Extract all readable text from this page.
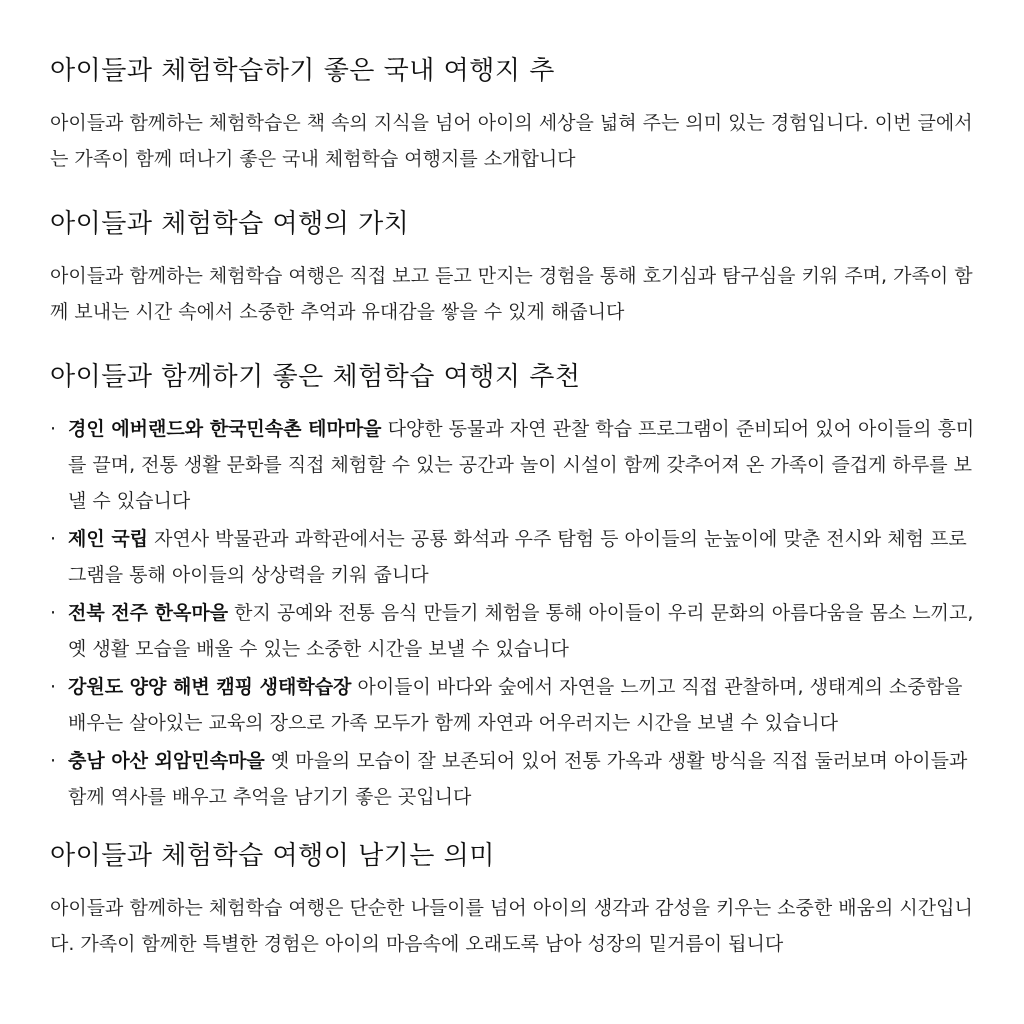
아이들과 체험학습하기 좋은 국내 여행지 추

아이들과 함께하는 체험학습은 책 속의 지식을 넘어 아이의 세상을 넓혀 주는 의미 있는 경험입니다. 이번 글에서는 가족이 함께 떠나기 좋은 국내 체험학습 여행지를 소개합니다

아이들과 체험학습 여행의 가치

아이들과 함께하는 체험학습 여행은 직접 보고 듣고 만지는 경험을 통해 호기심과 탐구심을 키워 주며, 가족이 함께 보내는 시간 속에서 소중한 추억과 유대감을 쌓을 수 있게 해줍니다

아이들과 함께하기 좋은 체험학습 여행지 추천
· 경인 에버랜드와 한국민속촌 테마마을 다양한 동물과 자연 관찰 학습 프로그램이 준비되어 있어 아이들의 흥미를 끌며, 전통 생활 문화를 직접 체험할 수 있는 공간과 놀이 시설이 함께 갖추어져 온 가족이 즐겁게 하루를 보낼 수 있습니다
· 제인 국립 자연사 박물관과 과학관에서는 공룡 화석과 우주 탐험 등 아이들의 눈높이에 맞춘 전시와 체험 프로그램을 통해 아이들의 상상력을 키워 줍니다
· 전북 전주 한옥마을 한지 공예와 전통 음식 만들기 체험을 통해 아이들이 우리 문화의 아름다움을 몸소 느끼고, 옛 생활 모습을 배울 수 있는 소중한 시간을 보낼 수 있습니다
· 강원도 양양 해변 캠핑 생태학습장 아이들이 바다와 숲에서 자연을 느끼고 직접 관찰하며, 생태계의 소중함을 배우는 살아있는 교육의 장으로 가족 모두가 함께 자연과 어우러지는 시간을 보낼 수 있습니다
· 충남 아산 외암민속마을 옛 마을의 모습이 잘 보존되어 있어 전통 가옥과 생활 방식을 직접 둘러보며 아이들과 함께 역사를 배우고 추억을 남기기 좋은 곳입니다
아이들과 체험학습 여행이 남기는 의미

아이들과 함께하는 체험학습 여행은 단순한 나들이를 넘어 아이의 생각과 감성을 키우는 소중한 배움의 시간입니다. 가족이 함께한 특별한 경험은 아이의 마음속에 오래도록 남아 성장의 밑거름이 됩니다
